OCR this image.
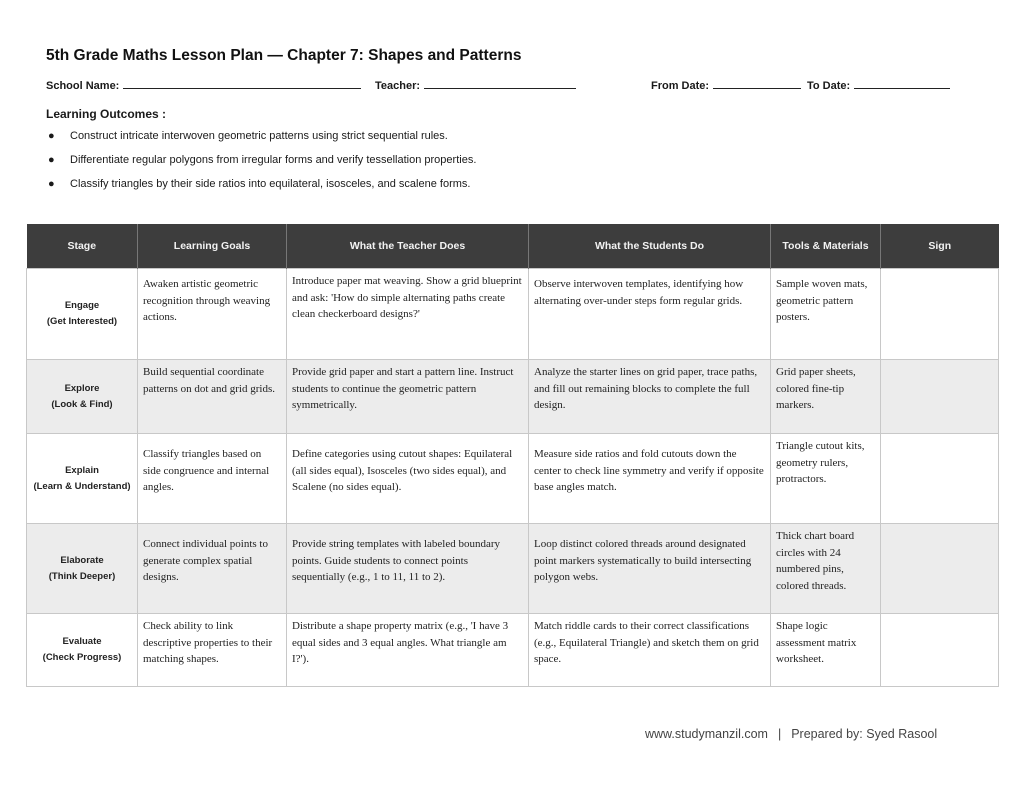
5th Grade Maths Lesson Plan — Chapter 7: Shapes and Patterns
School Name:	Teacher:	From Date:	To Date:
Learning Outcomes :
● Construct intricate interwoven geometric patterns using strict sequential rules.
● Differentiate regular polygons from irregular forms and verify tessellation properties.
● Classify triangles by their side ratios into equilateral, isosceles, and scalene forms.
Stage	Learning Goals	What the Teacher Does	What the Students Do	Tools & Materials	Sign
Engage
(Get Interested)	Awaken artistic geometric recognition through weaving actions.	Introduce paper mat weaving. Show a grid blueprint and ask: 'How do simple alternating paths create clean checkerboard designs?'	Observe interwoven templates, identifying how alternating over-under steps form regular grids.	Sample woven mats, geometric pattern posters.	
Explore
(Look & Find)	Build sequential coordinate patterns on dot and grid grids.	Provide grid paper and start a pattern line. Instruct students to continue the geometric pattern symmetrically.	Analyze the starter lines on grid paper, trace paths, and fill out remaining blocks to complete the full design.	Grid paper sheets, colored fine-tip markers.	
Explain
(Learn & Understand)	Classify triangles based on side congruence and internal angles.	Define categories using cutout shapes: Equilateral (all sides equal), Isosceles (two sides equal), and Scalene (no sides equal).	Measure side ratios and fold cutouts down the center to check line symmetry and verify if opposite base angles match.	Triangle cutout kits, geometry rulers, protractors.	
Elaborate
(Think Deeper)	Connect individual points to generate complex spatial designs.	Provide string templates with labeled boundary points. Guide students to connect points sequentially (e.g., 1 to 11, 11 to 2).	Loop distinct colored threads around designated point markers systematically to build intersecting polygon webs.	Thick chart board circles with 24 numbered pins, colored threads.	
Evaluate
(Check Progress)	Check ability to link descriptive properties to their matching shapes.	Distribute a shape property matrix (e.g., 'I have 3 equal sides and 3 equal angles. What triangle am I?').	Match riddle cards to their correct classifications (e.g., Equilateral Triangle) and sketch them on grid space.	Shape logic assessment matrix worksheet.	
www.studymanzil.com | Prepared by: Syed Rasool
